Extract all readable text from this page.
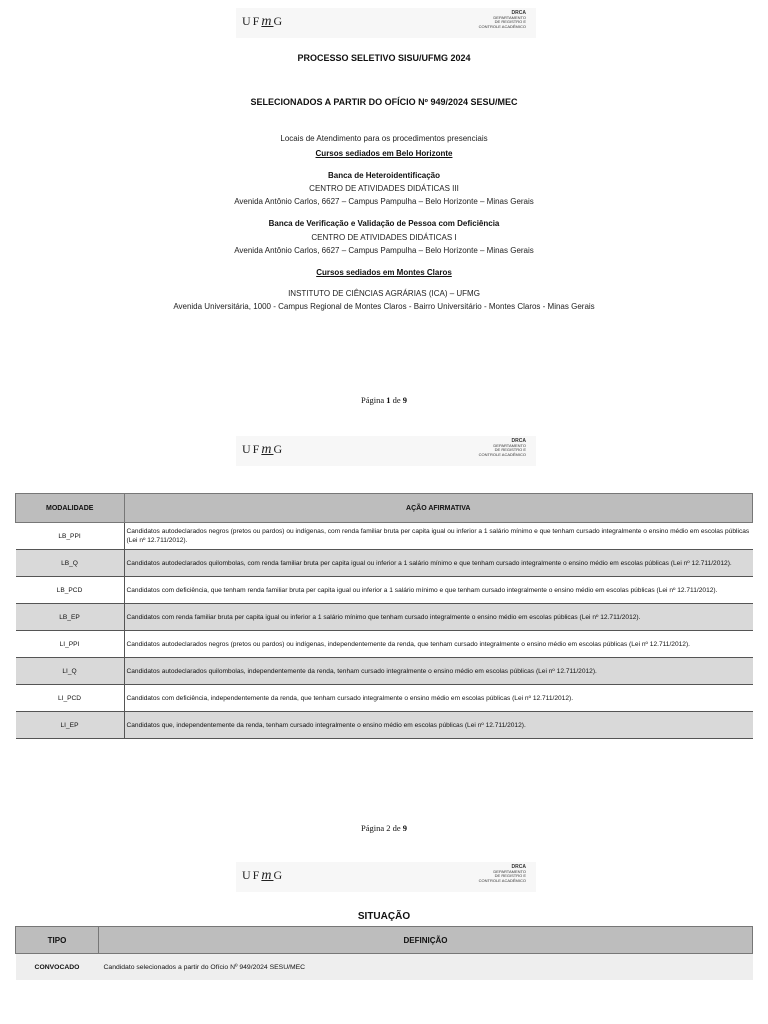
UFmG
DRCA
DEPARTAMENTO
DE REGISTRO E
CONTROLE ACADÊMICO
PROCESSO SELETIVO SISU/UFMG 2024
SELECIONADOS A PARTIR DO OFÍCIO Nº 949/2024 SESU/MEC
Locais de Atendimento para os procedimentos presenciais
Cursos sediados em Belo Horizonte
Banca de Heteroidentificação
CENTRO DE ATIVIDADES DIDÁTICAS III
Avenida Antônio Carlos, 6627 – Campus Pampulha – Belo Horizonte – Minas Gerais
Banca de Verificação e Validação de Pessoa com Deficiência
CENTRO DE ATIVIDADES DIDÁTICAS I
Avenida Antônio Carlos, 6627 – Campus Pampulha – Belo Horizonte – Minas Gerais
Cursos sediados em Montes Claros
INSTITUTO DE CIÊNCIAS AGRÁRIAS (ICA) – UFMG
Avenida Universitária, 1000 - Campus Regional de Montes Claros - Bairro Universitário - Montes Claros - Minas Gerais
Página 1 de 9
UFmG
DRCA
DEPARTAMENTO
DE REGISTRO E
CONTROLE ACADÊMICO
MODALIDADE	AÇÃO AFIRMATIVA
LB_PPI	Candidatos autodeclarados negros (pretos ou pardos) ou indígenas, com renda familiar bruta per capita igual ou inferior a 1 salário mínimo e que tenham cursado integralmente o ensino médio em escolas públicas (Lei nº 12.711/2012).
LB_Q	Candidatos autodeclarados quilombolas, com renda familiar bruta per capita igual ou inferior a 1 salário mínimo e que tenham cursado integralmente o ensino médio em escolas públicas (Lei nº 12.711/2012).
LB_PCD	Candidatos com deficiência, que tenham renda familiar bruta per capita igual ou inferior a 1 salário mínimo e que tenham cursado integralmente o ensino médio em escolas públicas (Lei nº 12.711/2012).
LB_EP	Candidatos com renda familiar bruta per capita igual ou inferior a 1 salário mínimo que tenham cursado integralmente o ensino médio em escolas públicas (Lei nº 12.711/2012).
LI_PPI	Candidatos autodeclarados negros (pretos ou pardos) ou indígenas, independentemente da renda, que tenham cursado integralmente o ensino médio em escolas públicas (Lei nº 12.711/2012).
LI_Q	Candidatos autodeclarados quilombolas, independentemente da renda, tenham cursado integralmente o ensino médio em escolas públicas (Lei nº 12.711/2012).
LI_PCD	Candidatos com deficiência, independentemente da renda, que tenham cursado integralmente o ensino médio em escolas públicas (Lei nº 12.711/2012).
LI_EP	Candidatos que, independentemente da renda, tenham cursado integralmente o ensino médio em escolas públicas (Lei nº 12.711/2012).
Página 2 de 9
UFmG
DRCA
DEPARTAMENTO
DE REGISTRO E
CONTROLE ACADÊMICO
SITUAÇÃO
TIPO	DEFINIÇÃO
CONVOCADO	Candidato selecionados a partir do Ofício Nº 949/2024 SESU/MEC
